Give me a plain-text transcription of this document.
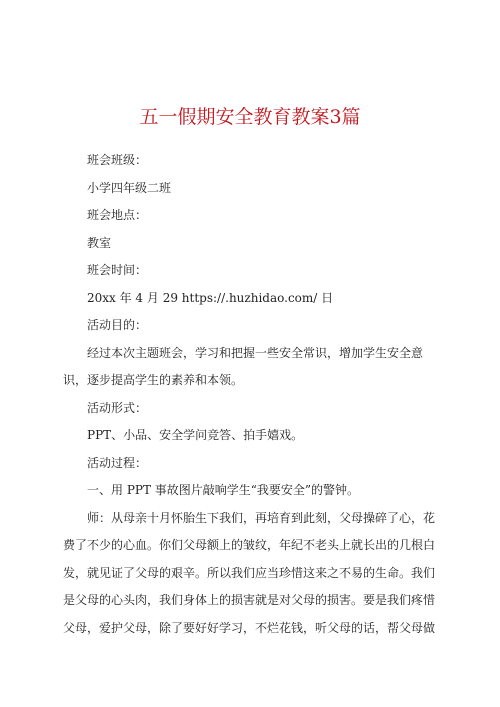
五一假期安全教育教案3篇

班会班级：

小学四年级二班

班会地点：

教室

班会时间：

20xx 年 4 月 29 https://.huzhidao.com/ 日

活动目的：

经过本次主题班会，学习和把握一些安全常识，增加学生安全意识，逐步提高学生的素养和本领。

活动形式：

PPT、小品、安全学问竞答、拍手嬉戏。

活动过程：

一、用 PPT 事故图片敲响学生“我要安全”的警钟。

师：从母亲十月怀胎生下我们，再培育到此刻，父母操碎了心，花费了不少的心血。你们父母额上的皱纹，年纪不老头上就长出的几根白发，就见证了父母的艰辛。所以我们应当珍惜这来之不易的生命。我们是父母的心头肉，我们身体上的损害就是对父母的损害。要是我们疼惜父母，爱护父母，除了要好好学习，不烂花钱，听父母的话，帮父母做
